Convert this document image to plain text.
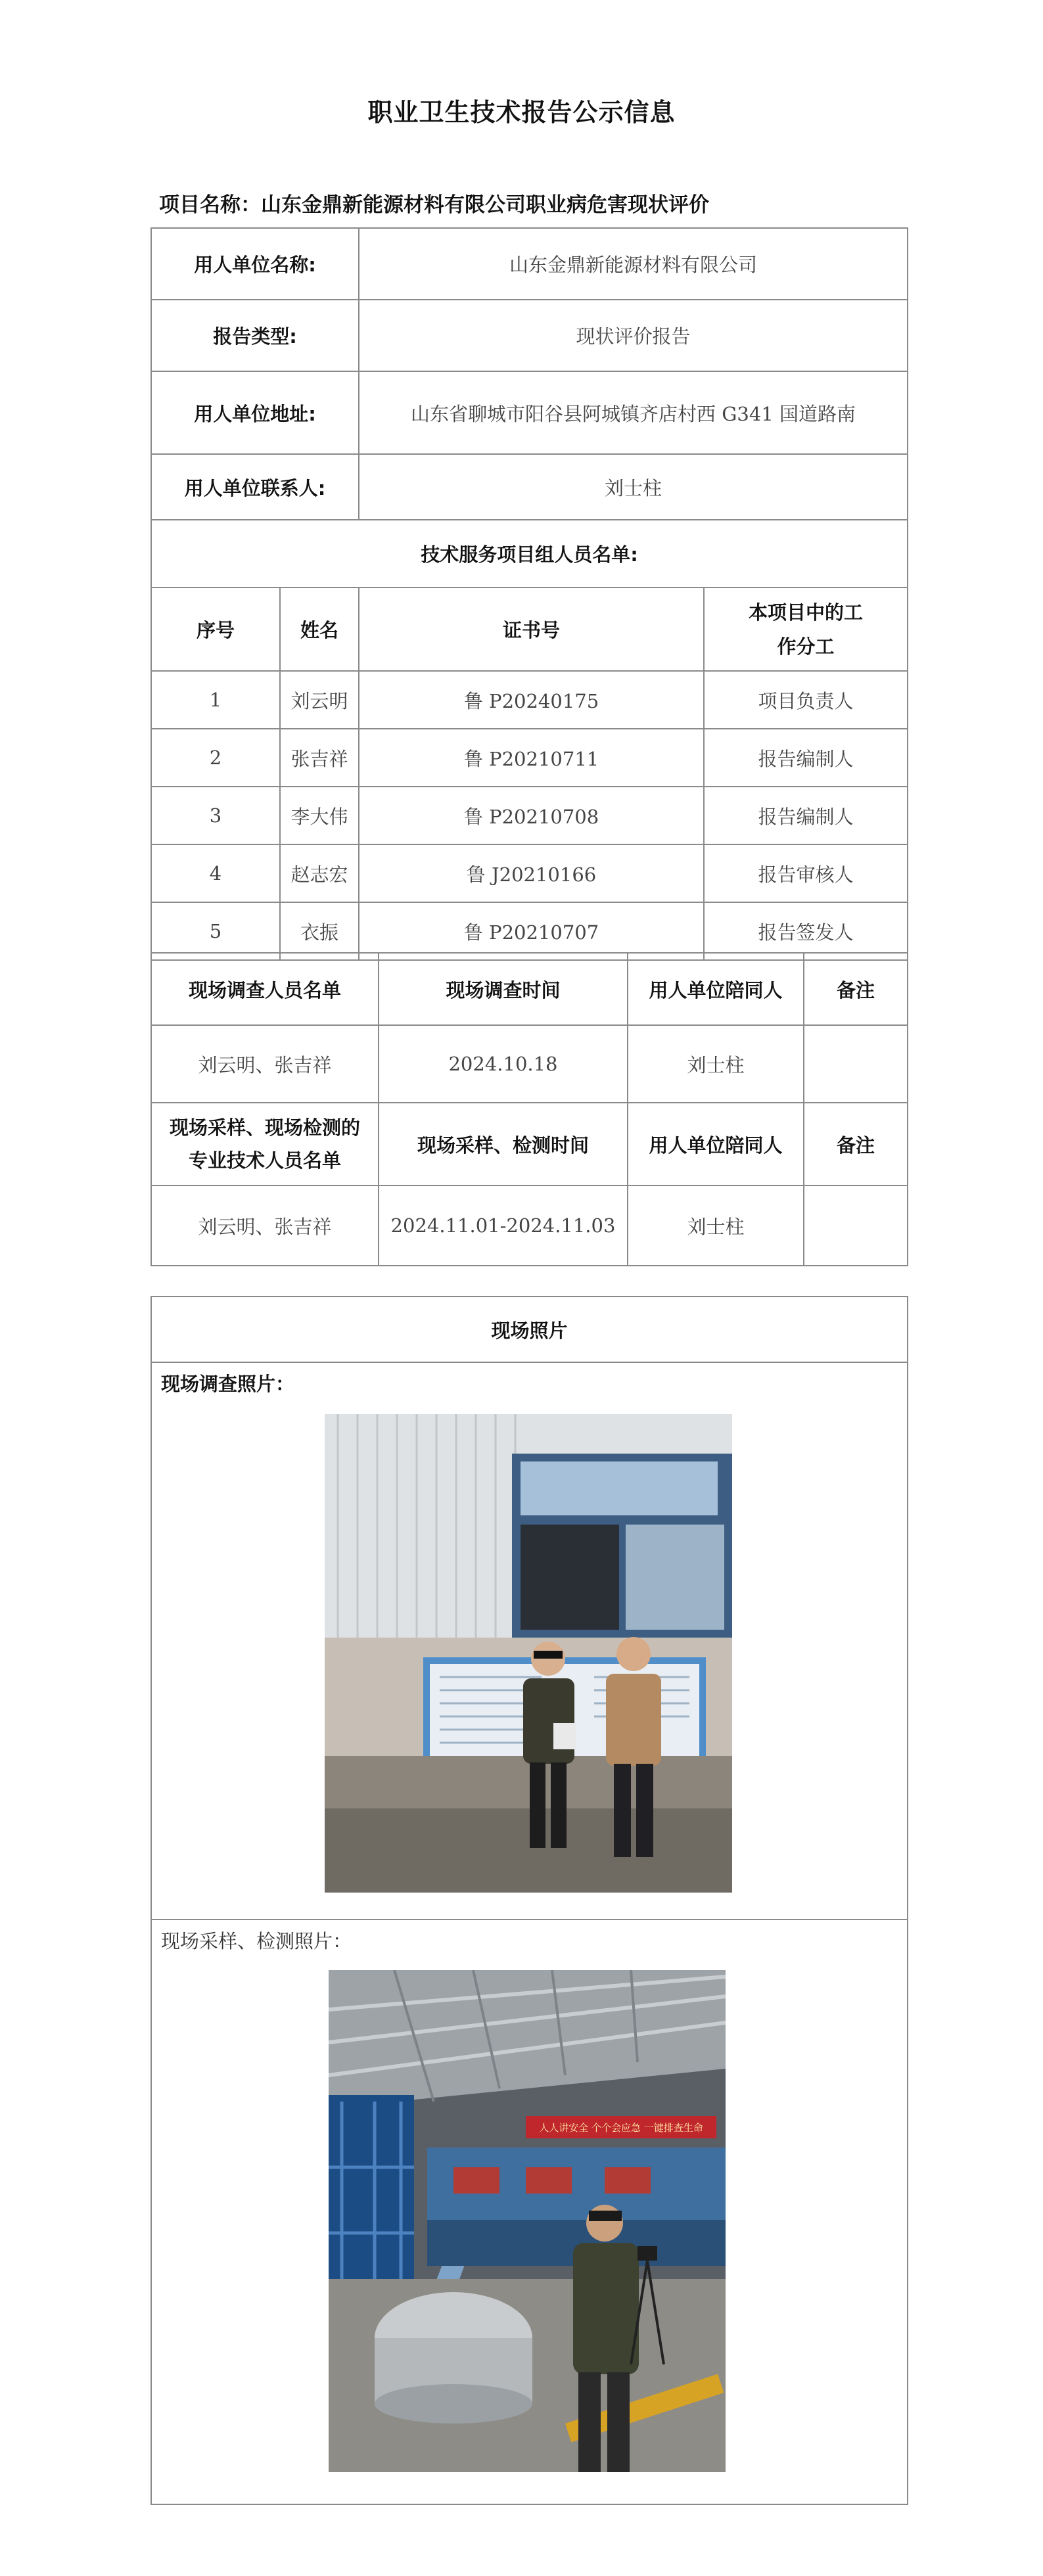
职业卫生技术报告公示信息
项目名称：山东金鼎新能源材料有限公司职业病危害现状评价
用人单位名称:		山东金鼎新能源材料有限公司	
报告类型:		现状评价报告	
用人单位地址:		山东省聊城市阳谷县阿城镇齐店村西 G341 国道路南	
用人单位联系人:		刘士柱	
技术服务项目组人员名单:			
序号	姓名	证书号	本项目中的工
作分工
1	刘云明	鲁 P20240175	项目负责人
2	张吉祥	鲁 P20210711	报告编制人
3	李大伟	鲁 P20210708	报告编制人
4	赵志宏	鲁 J20210166	报告审核人
5	衣振	鲁 P20210707	报告签发人
现场调查人员名单	现场调查时间	用人单位陪同人	备注
刘云明、张吉祥	2024.10.18	刘士柱	
现场采样、现场检测的
专业技术人员名单	现场采样、检测时间	用人单位陪同人	备注
刘云明、张吉祥	2024.11.01-2024.11.03	刘士柱	
现场照片
现场调查照片：
现场采样、检测照片：
人人讲安全 个个会应急 一键排查生命
